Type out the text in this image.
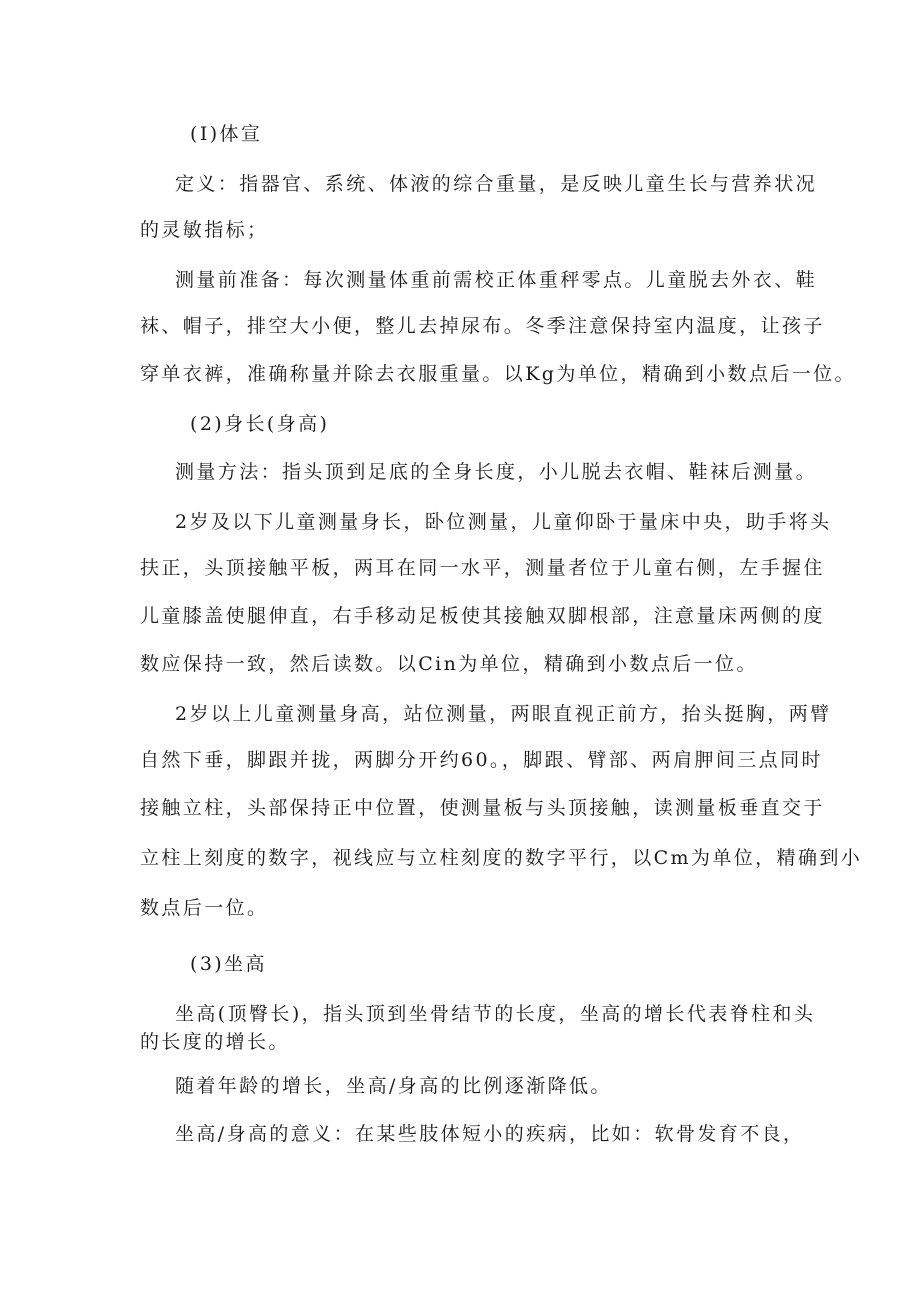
(I)体宣
定义：指器官、系统、体液的综合重量，是反映儿童生长与营养状况
的灵敏指标；
测量前准备：每次测量体重前需校正体重秤零点。儿童脱去外衣、鞋
袜、帽子，排空大小便，整儿去掉尿布。冬季注意保持室内温度，让孩子
穿单衣裤，准确称量并除去衣服重量。以Kg为单位，精确到小数点后一位。
(2)身长(身高)
测量方法：指头顶到足底的全身长度，小儿脱去衣帽、鞋袜后测量。
2岁及以下儿童测量身长，卧位测量，儿童仰卧于量床中央，助手将头
扶正，头顶接触平板，两耳在同一水平，测量者位于儿童右侧，左手握住
儿童膝盖使腿伸直，右手移动足板使其接触双脚根部，注意量床两侧的度
数应保持一致，然后读数。以Cin为单位，精确到小数点后一位。
2岁以上儿童测量身高，站位测量，两眼直视正前方，抬头挺胸，两臂
自然下垂，脚跟并拢，两脚分开约60。，脚跟、臂部、两肩胛间三点同时
接触立柱，头部保持正中位置，使测量板与头顶接触，读测量板垂直交于
立柱上刻度的数字，视线应与立柱刻度的数字平行，以Cm为单位，精确到小
数点后一位。
(3)坐高
坐高(顶臀长)，指头顶到坐骨结节的长度，坐高的增长代表脊柱和头
的长度的增长。
随着年龄的增长，坐高/身高的比例逐渐降低。
坐高/身高的意义：在某些肢体短小的疾病，比如：软骨发育不良，
